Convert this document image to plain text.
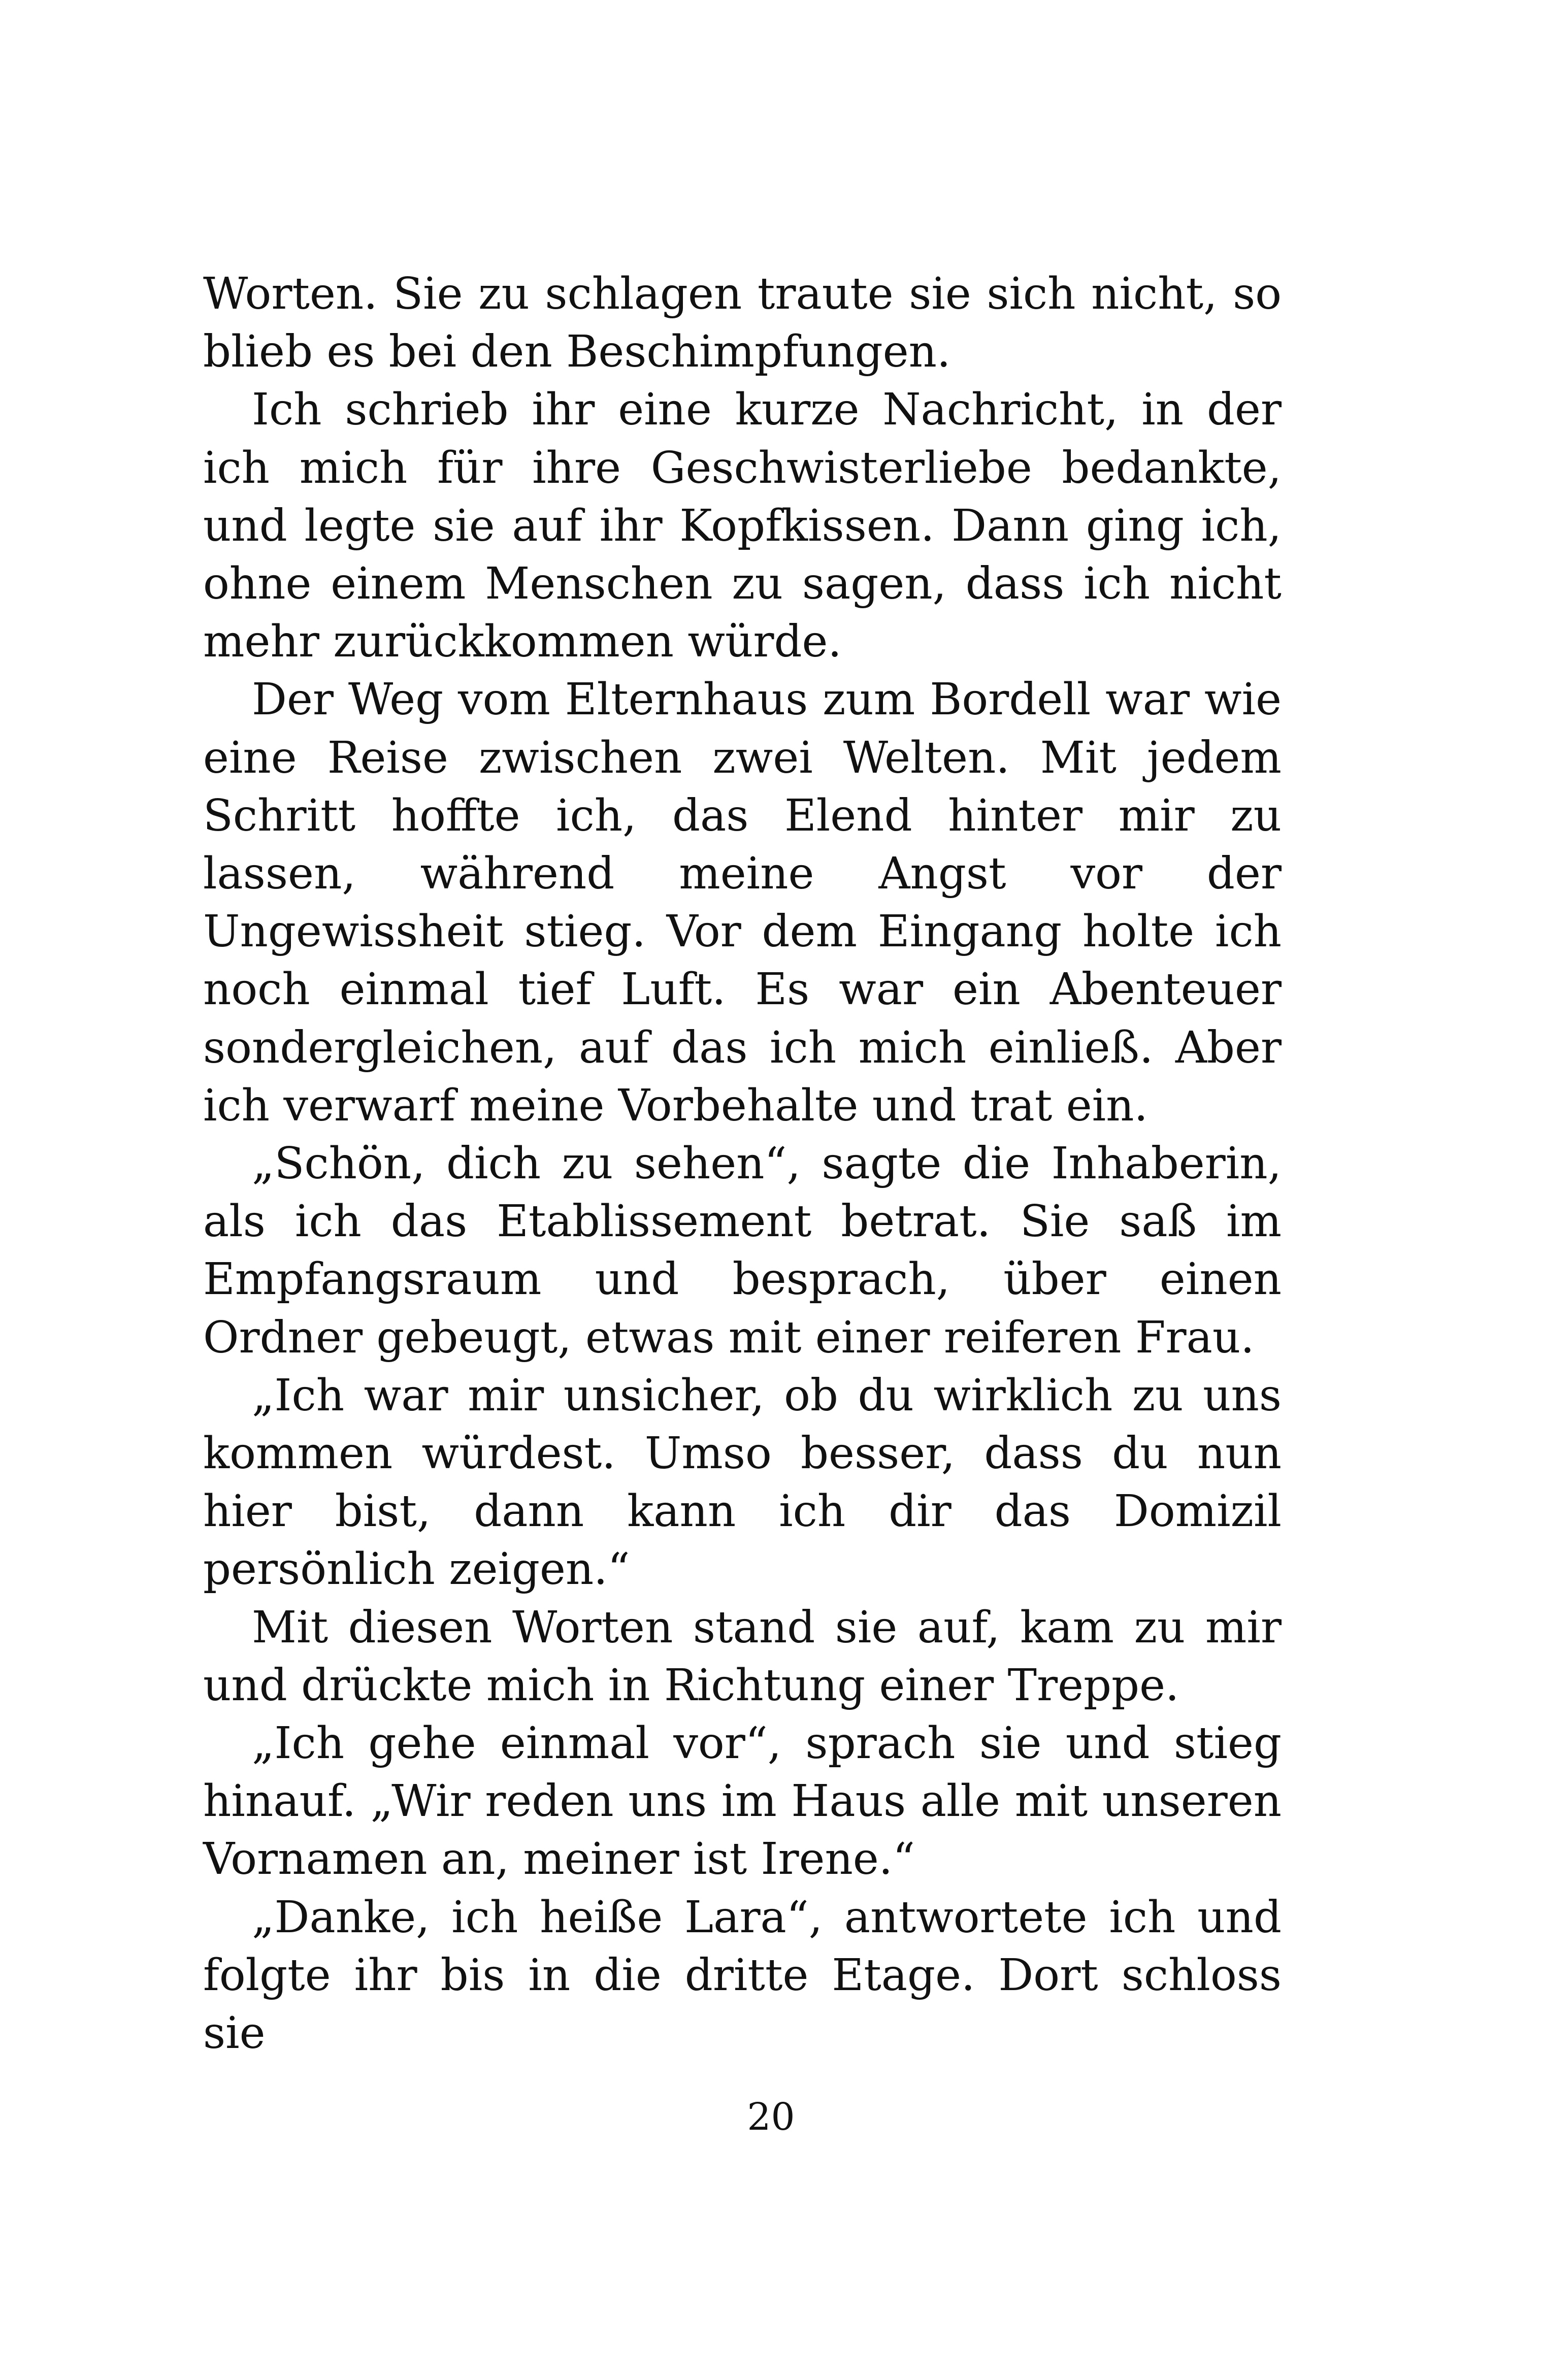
Worten. Sie zu schlagen traute sie sich nicht, so blieb es bei den Beschimpfungen.

Ich schrieb ihr eine kurze Nachricht, in der ich mich für ihre Geschwisterliebe bedankte, und legte sie auf ihr Kopfkissen. Dann ging ich, ohne einem Menschen zu sagen, dass ich nicht mehr zurückkommen würde.

Der Weg vom Elternhaus zum Bordell war wie eine Reise zwischen zwei Welten. Mit jedem Schritt hoffte ich, das Elend hinter mir zu lassen, während meine Angst vor der Ungewissheit stieg. Vor dem Eingang holte ich noch einmal tief Luft. Es war ein Abenteuer sondergleichen, auf das ich mich einließ. Aber ich verwarf meine Vorbehalte und trat ein.

„Schön, dich zu sehen“, sagte die Inhaberin, als ich das Etablissement betrat. Sie saß im Empfangsraum und besprach, über einen Ordner gebeugt, etwas mit einer reiferen Frau.

„Ich war mir unsicher, ob du wirklich zu uns kommen würdest. Umso besser, dass du nun hier bist, dann kann ich dir das Domizil persönlich zeigen.“

Mit diesen Worten stand sie auf, kam zu mir und drückte mich in Richtung einer Treppe.

„Ich gehe einmal vor“, sprach sie und stieg hinauf. „Wir reden uns im Haus alle mit unseren Vornamen an, meiner ist Irene.“

„Danke, ich heiße Lara“, antwortete ich und folgte ihr bis in die dritte Etage. Dort schloss sie

20
